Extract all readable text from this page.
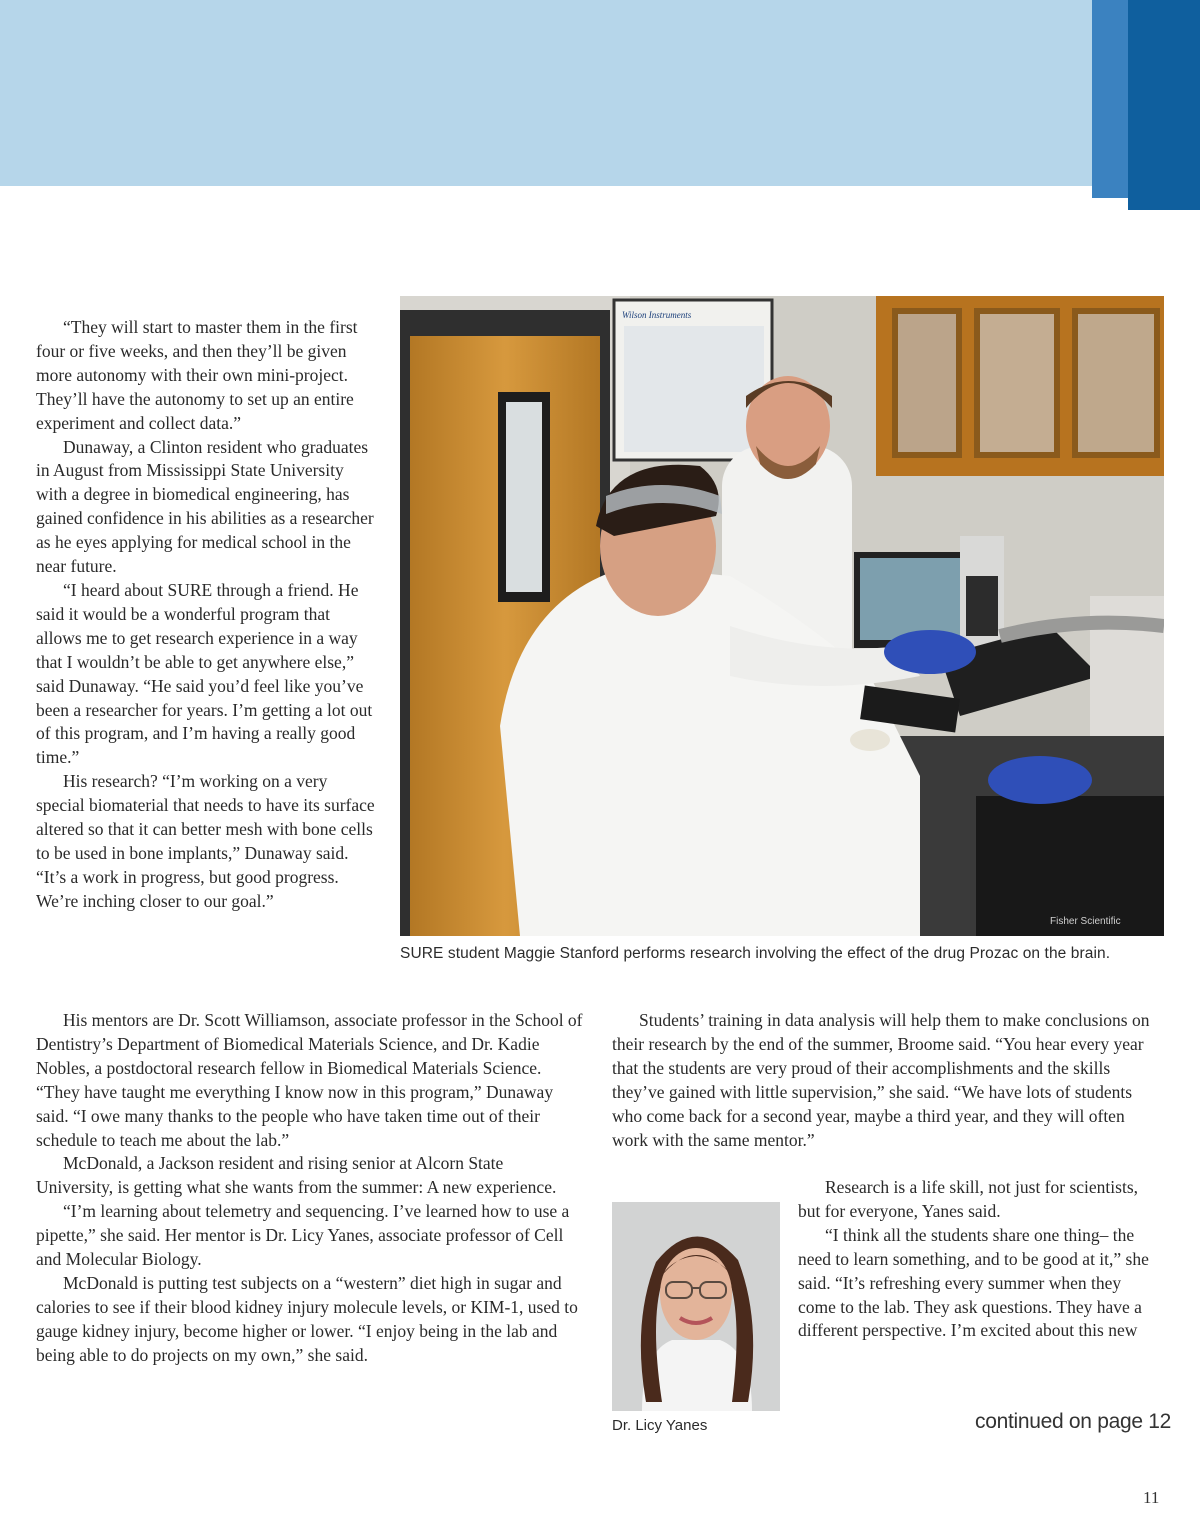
“They will start to master them in the first four or five weeks, and then they’ll be given more autonomy with their own mini-project. They’ll have the autonomy to set up an entire experiment and collect data.”

Dunaway, a Clinton resident who graduates in August from Mississippi State University with a degree in biomedical engineering, has gained confidence in his abilities as a researcher as he eyes applying for medical school in the near future.

“I heard about SURE through a friend. He said it would be a wonderful program that allows me to get research experience in a way that I wouldn’t be able to get anywhere else,” said Dunaway. “He said you’d feel like you’ve been a researcher for years. I’m getting a lot out of this program, and I’m having a really good time.”

His research? “I’m working on a very special biomaterial that needs to have its surface altered so that it can better mesh with bone cells to be used in bone implants,” Dunaway said. “It’s a work in progress, but good progress. We’re inching closer to our goal.”

His mentors are Dr. Scott Williamson, associate professor in the School of Dentistry’s Department of Biomedical Materials Science, and Dr. Kadie Nobles, a postdoctoral research fellow in Biomedical Materials Science. “They have taught me everything I know now in this program,” Dunaway said. “I owe many thanks to the people who have taken time out of their schedule to teach me about the lab.”

McDonald, a Jackson resident and rising senior at Alcorn State University, is getting what she wants from the summer: A new experience.

“I’m learning about telemetry and sequencing. I’ve learned how to use a pipette,” she said. Her mentor is Dr. Licy Yanes, associate professor of Cell and Molecular Biology.

McDonald is putting test subjects on a “western” diet high in sugar and calories to see if their blood kidney injury molecule levels, or KIM-1, used to gauge kidney injury, become higher or lower. “I enjoy being in the lab and being able to do projects on my own,” she said.

Students’ training in data analysis will help them to make conclusions on their research by the end of the summer, Broome said. “You hear every year that the students are very proud of their accomplishments and the skills they’ve gained with little supervision,” she said. “We have lots of students who come back for a second year, maybe a third year, and they will often work with the same mentor.”

Research is a life skill, not just for scientists, but for everyone, Yanes said.

“I think all the students share one thing– the need to learn something, and to be good at it,” she said. “It’s refreshing every summer when they come to the lab. They ask questions. They have a different perspective. I’m excited about this new

Wilson Instruments
Fisher Scientific
SURE student Maggie Stanford performs research involving the effect of the drug Prozac on the brain.
Dr. Licy Yanes	continued on page 12
11
